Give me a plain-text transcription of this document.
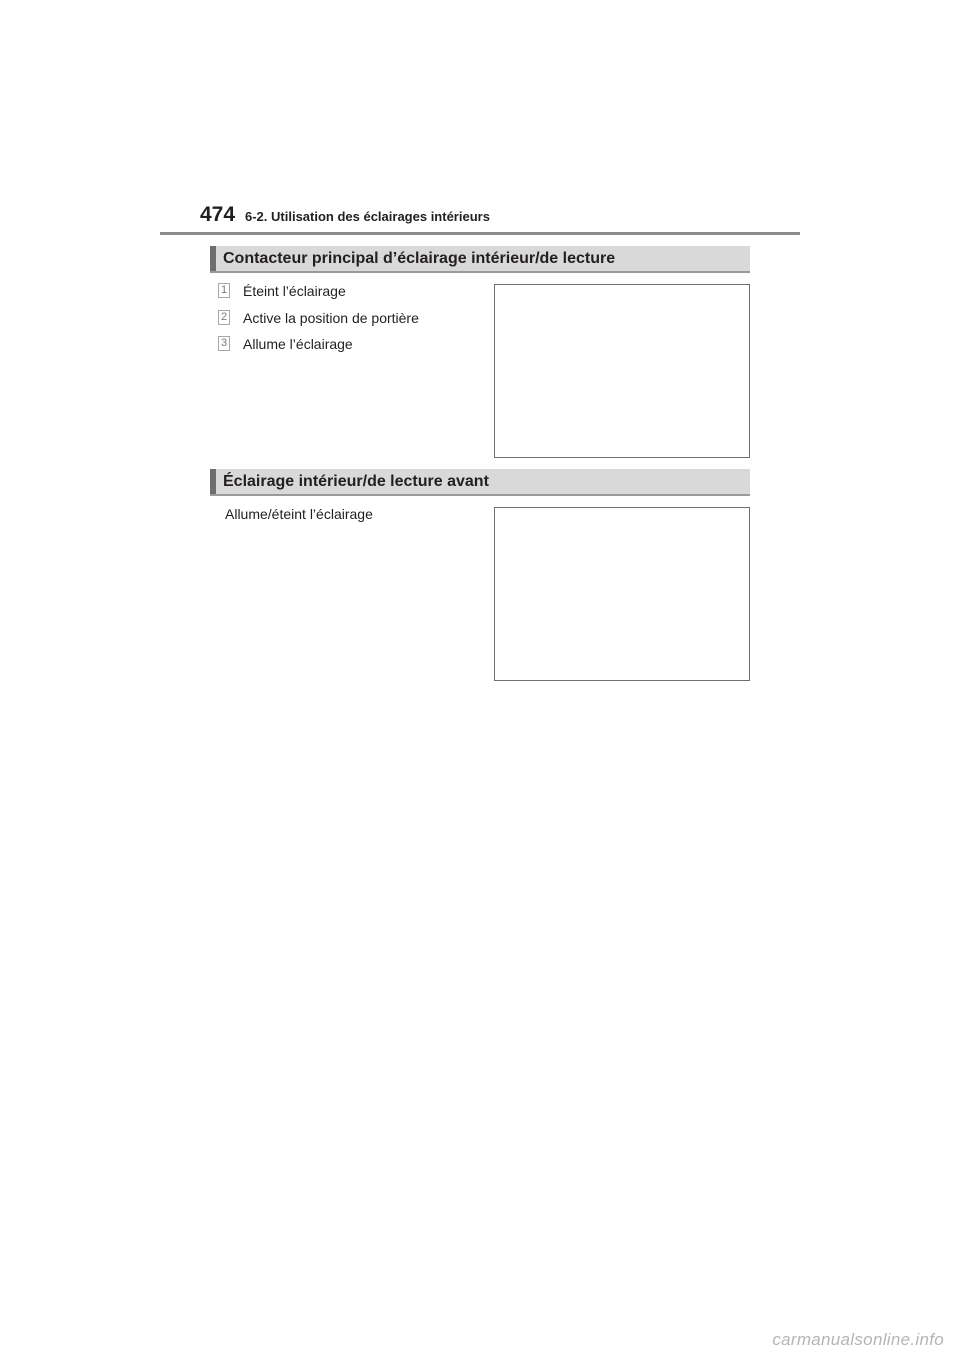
474 6-2. Utilisation des éclairages intérieurs
Contacteur principal d’éclairage intérieur/de lecture
1 Éteint l’éclairage
2 Active la position de portière
3 Allume l’éclairage
Éclairage intérieur/de lecture avant
Allume/éteint l’éclairage
carmanualsonline.info
